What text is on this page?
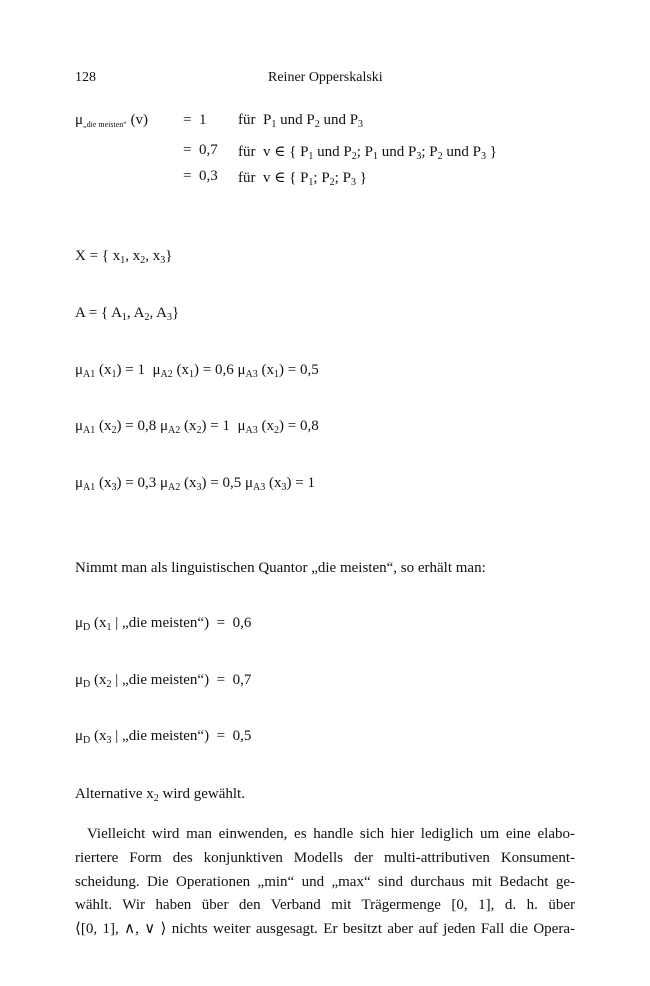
128	Reiner Opperskalski
$\mu_{„die meisten“}$ (v) = 1 für $P_1$ und $P_2$ und $P_3$
= 0,7 für v ∈ { $P_1$ und $P_2$; $P_1$ und $P_3$; $P_2$ und $P_3$ }
= 0,3 für v ∈ { $P_1$; $P_2$; $P_3$ }
X = { $x_1$, $x_2$, $x_3$}
A = { $A_1$, $A_2$, $A_3$}
$\mu_{A1}$ $(x_1) = 1$ $\mu_{A2}$ $(x_1) = 0,6$ $\mu_{A3}$ $(x_1) = 0,5$
$\mu_{A1}$ $(x_2) = 0,8$ $\mu_{A2}$ $(x_2) = 1$ $\mu_{A3}$ $(x_2) = 0,8$
$\mu_{A1}$ $(x_3) = 0,3$ $\mu_{A2}$ $(x_3) = 0,5$ $\mu_{A3}$ $(x_3) = 1$
Nimmt man als linguistischen Quantor „die meisten“, so erhält man:
$\mu_D$ ($x_1$ | „die meisten“)  =  0,6
$\mu_D$ ($x_2$ | „die meisten“)  =  0,7
$\mu_D$ ($x_3$ | „die meisten“)  =  0,5
Alternative $x_2$ wird gewählt.
Vielleicht wird man einwenden, es handle sich hier lediglich um eine elabo-
riertere Form des konjunktiven Modells der multi-attributiven Konsument-
scheidung. Die Operationen „min“ und „max“ sind durchaus mit Bedacht ge-
wählt. Wir haben über den Verband mit Trägermenge [0, 1], d. h. über
⟨[0, 1], ∧, ∨ ⟩ nichts weiter ausgesagt. Er besitzt aber auf jeden Fall die Opera-
